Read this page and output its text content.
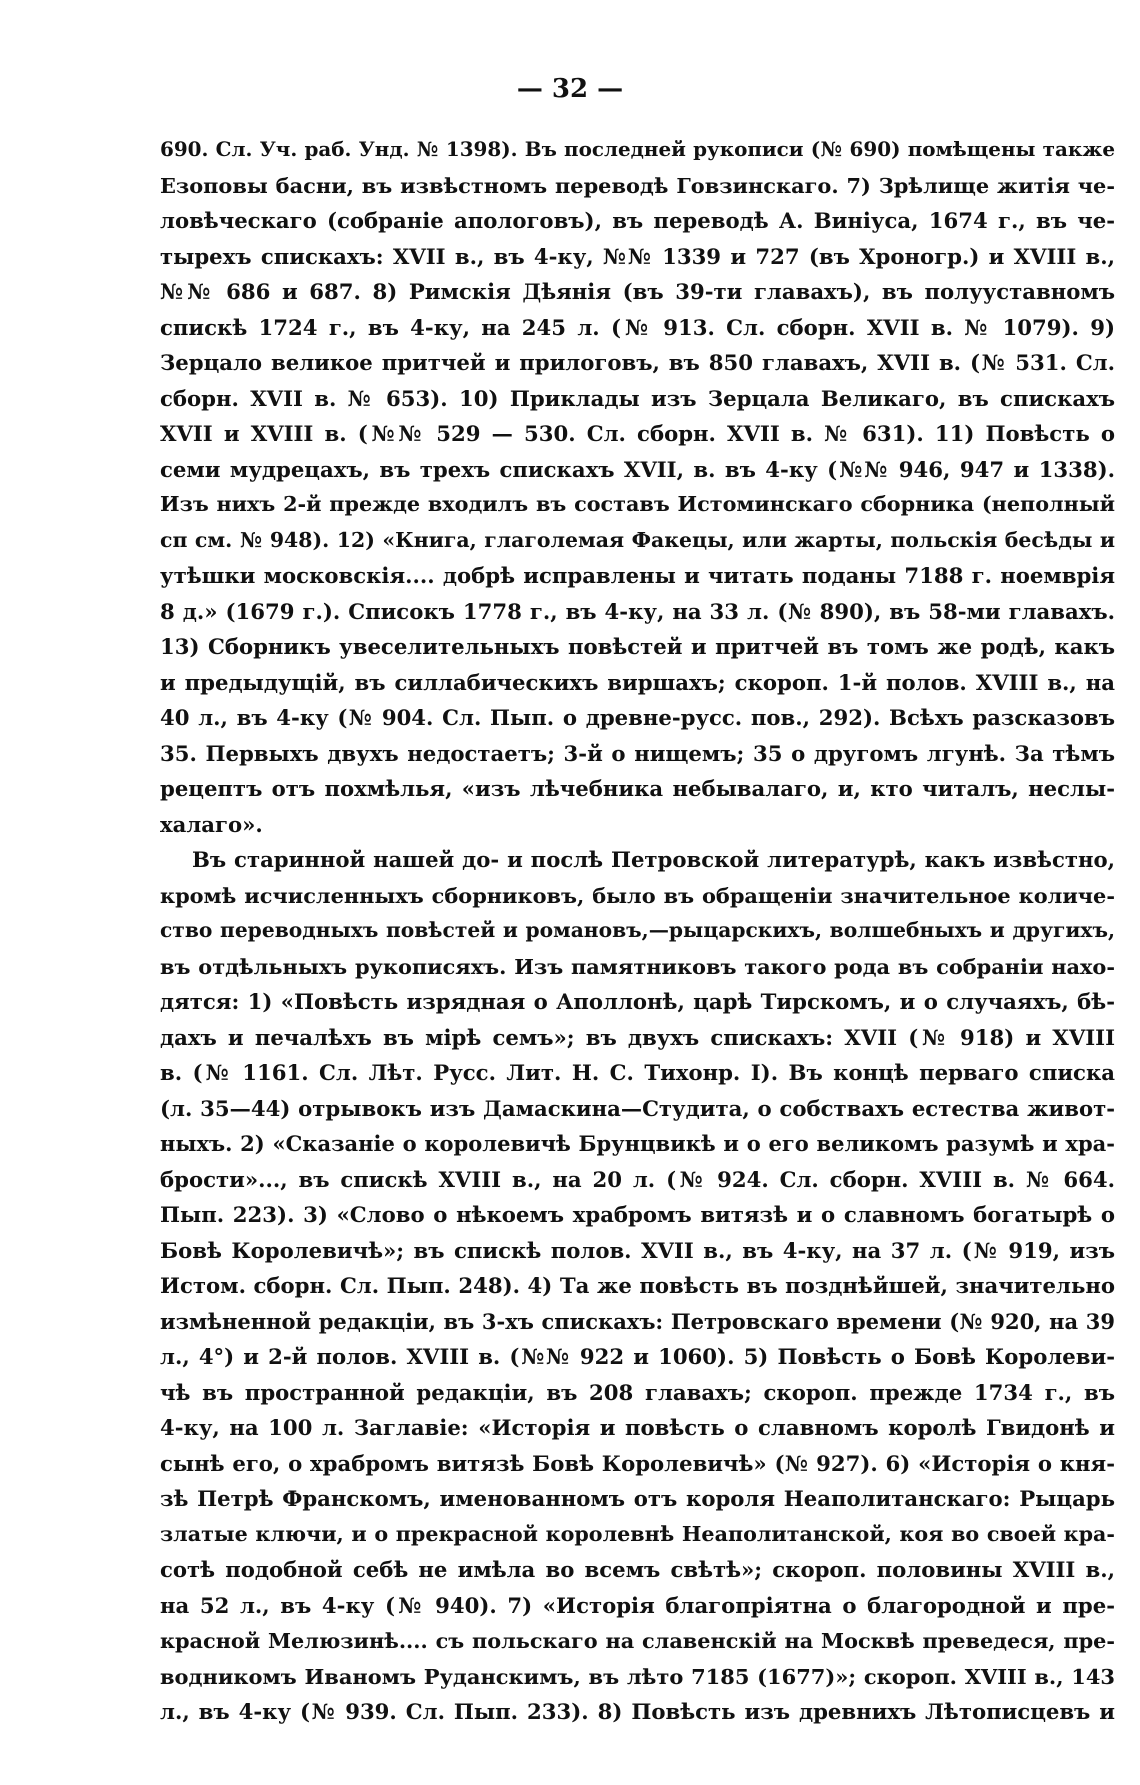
— 32 —
690. Сл. Уч. раб. Унд. № 1398). Въ последней рукописи (№ 690) помѣщены также
Езоповы басни, въ извѣстномъ переводѣ Говзинскаго. 7) Зрѣлище житія че-
ловѣческаго (собраніе апологовъ), въ переводѣ А. Виніуса, 1674 г., въ че-
тырехъ спискахъ: XVII в., въ 4-ку, №№ 1339 и 727 (въ Хроногр.) и XVIII в.,
№№ 686 и 687. 8) Римскія Дѣянія (въ 39-ти главахъ), въ полууставномъ
спискѣ 1724 г., въ 4-ку, на 245 л. (№ 913. Сл. сборн. XVII в. № 1079). 9)
Зерцало великое притчей и прилоговъ, въ 850 главахъ, XVII в. (№ 531. Сл.
сборн. XVII в. № 653). 10) Приклады изъ Зерцала Великаго, въ спискахъ
XVII и XVIII в. (№№ 529 — 530. Сл. сборн. XVII в. № 631). 11) Повѣсть о
семи мудрецахъ, въ трехъ спискахъ XVII, в. въ 4-ку (№№ 946, 947 и 1338).
Изъ нихъ 2-й прежде входилъ въ составъ Истоминскаго сборника (неполный
сп см. № 948). 12) «Книга, глаголемая Факецы, или жарты, польскія бесѣды и
утѣшки московскія.... добрѣ исправлены и читать поданы 7188 г. ноемврія
8 д.» (1679 г.). Списокъ 1778 г., въ 4-ку, на 33 л. (№ 890), въ 58-ми главахъ.
13) Сборникъ увеселительныхъ повѣстей и притчей въ томъ же родѣ, какъ
и предыдущій, въ силлабическихъ виршахъ; скороп. 1-й полов. XVIII в., на
40 л., въ 4-ку (№ 904. Сл. Пып. о древне-русс. пов., 292). Всѣхъ разсказовъ
35. Первыхъ двухъ недостаетъ; 3-й о нищемъ; 35 о другомъ лгунѣ. За тѣмъ
рецептъ отъ похмѣлья, «изъ лѣчебника небывалаго, и, кто читалъ, неслы-
халаго».
Въ старинной нашей до- и послѣ Петровской литературѣ, какъ извѣстно,
кромѣ исчисленныхъ сборниковъ, было въ обращеніи значительное количе-
ство переводныхъ повѣстей и романовъ,—рыцарскихъ, волшебныхъ и другихъ,
въ отдѣльныхъ рукописяхъ. Изъ памятниковъ такого рода въ собраніи нахо-
дятся: 1) «Повѣсть изрядная о Аполлонѣ, царѣ Тирскомъ, и о случаяхъ, бѣ-
дахъ и печалѣхъ въ мірѣ семъ»; въ двухъ спискахъ: XVII (№ 918) и XVIII
в. (№ 1161. Сл. Лѣт. Русс. Лит. Н. С. Тихонр. I). Въ концѣ перваго списка
(л. 35—44) отрывокъ изъ Дамаскина—Студита, о собствахъ естества живот-
ныхъ. 2) «Сказаніе о королевичѣ Брунцвикѣ и о его великомъ разумѣ и хра-
брости»..., въ спискѣ XVIII в., на 20 л. (№ 924. Сл. сборн. XVIII в. № 664.
Пып. 223). 3) «Слово о нѣкоемъ храбромъ витязѣ и о славномъ богатырѣ о
Бовѣ Королевичѣ»; въ спискѣ полов. XVII в., въ 4-ку, на 37 л. (№ 919, изъ
Истом. сборн. Сл. Пып. 248). 4) Та же повѣсть въ позднѣйшей, значительно
измѣненной редакціи, въ 3-хъ спискахъ: Петровскаго времени (№ 920, на 39
л., 4°) и 2-й полов. XVIII в. (№№ 922 и 1060). 5) Повѣсть о Бовѣ Королеви-
чѣ въ пространной редакціи, въ 208 главахъ; скороп. прежде 1734 г., въ
4-ку, на 100 л. Заглавіе: «Исторія и повѣсть о славномъ королѣ Гвидонѣ и
сынѣ его, о храбромъ витязѣ Бовѣ Королевичѣ» (№ 927). 6) «Исторія о кня-
зѣ Петрѣ Франскомъ, именованномъ отъ короля Неаполитанскаго: Рыцарь
златые ключи, и о прекрасной королевнѣ Неаполитанской, коя во своей кра-
сотѣ подобной себѣ не имѣла во всемъ свѣтѣ»; скороп. половины XVIII в.,
на 52 л., въ 4-ку (№ 940). 7) «Исторія благопріятна о благородной и пре-
красной Мелюзинѣ.... съ польскаго на славенскій на Москвѣ преведеся, пре-
водникомъ Иваномъ Руданскимъ, въ лѣто 7185 (1677)»; скороп. XVIII в., 143
л., въ 4-ку (№ 939. Сл. Пып. 233). 8) Повѣсть изъ древнихъ Лѣтописцевъ и
